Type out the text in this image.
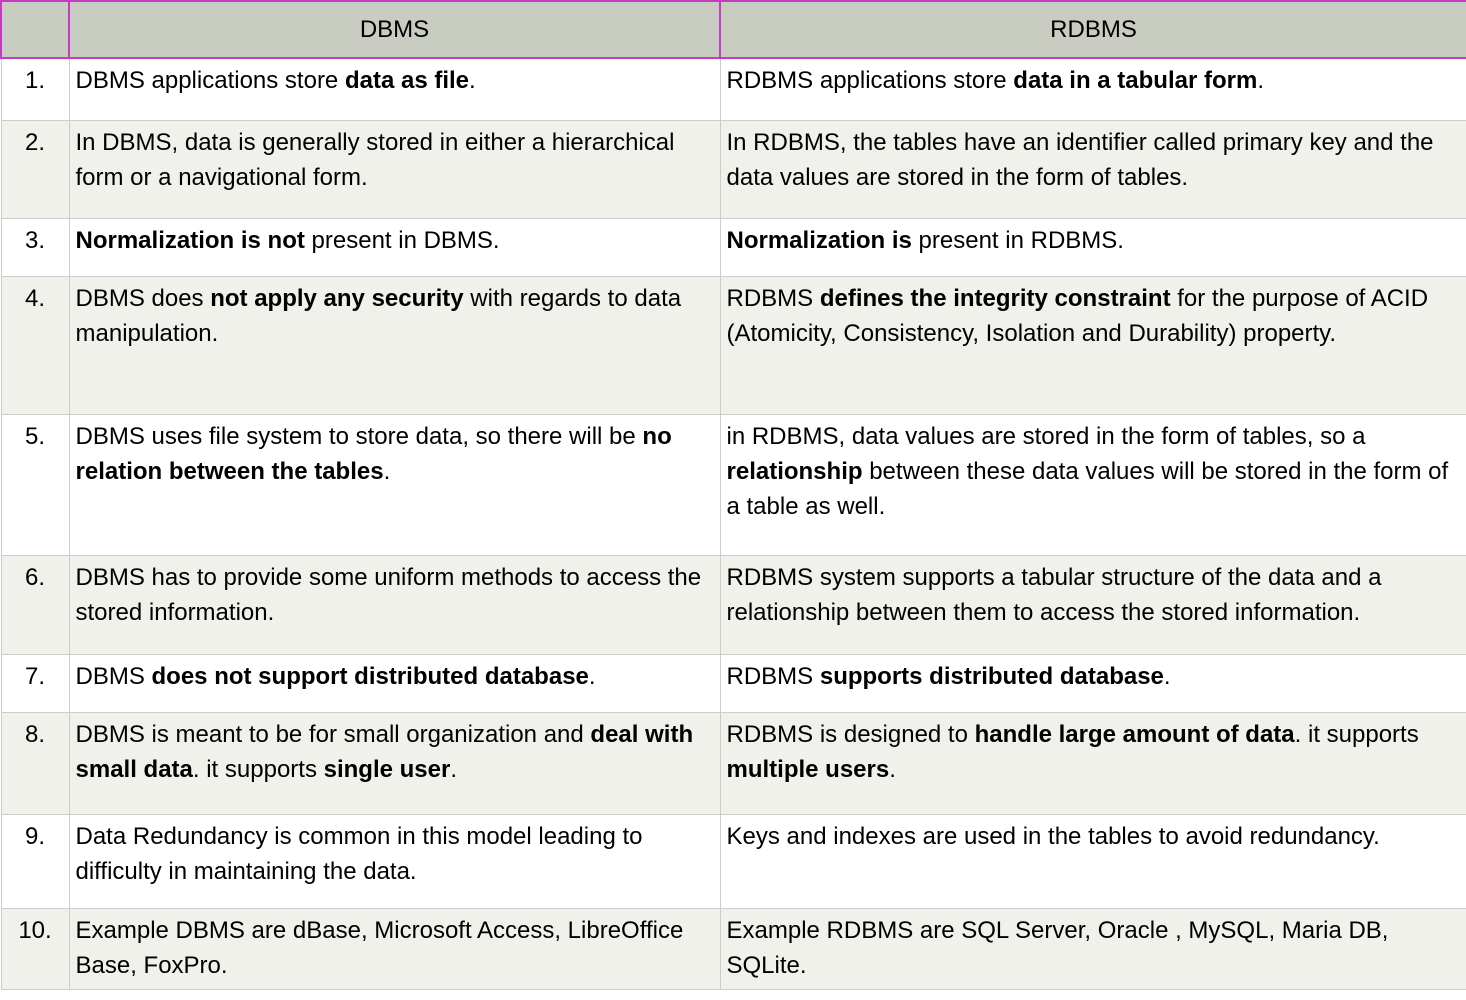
	DBMS	RDBMS
1.	DBMS applications store data as file.	RDBMS applications store data in a tabular form.
2.	In DBMS, data is generally stored in either a hierarchical form or a navigational form.	In RDBMS, the tables have an identifier called primary key and the data values are stored in the form of tables.
3.	Normalization is not present in DBMS.	Normalization is present in RDBMS.
4.	DBMS does not apply any security with regards to data manipulation.	RDBMS defines the integrity constraint for the purpose of ACID (Atomicity, Consistency, Isolation and Durability) property.
5.	DBMS uses file system to store data, so there will be no relation between the tables.	in RDBMS, data values are stored in the form of tables, so a relationship between these data values will be stored in the form of a table as well.
6.	DBMS has to provide some uniform methods to access the stored information.	RDBMS system supports a tabular structure of the data and a relationship between them to access the stored information.
7.	DBMS does not support distributed database.	RDBMS supports distributed database.
8.	DBMS is meant to be for small organization and deal with small data. it supports single user.	RDBMS is designed to handle large amount of data. it supports multiple users.
9.	Data Redundancy is common in this model leading to difficulty in maintaining the data.	Keys and indexes are used in the tables to avoid redundancy.
10.	Example DBMS are dBase, Microsoft Access, LibreOffice Base, FoxPro.	Example RDBMS are SQL Server, Oracle , MySQL, Maria DB, SQLite.
